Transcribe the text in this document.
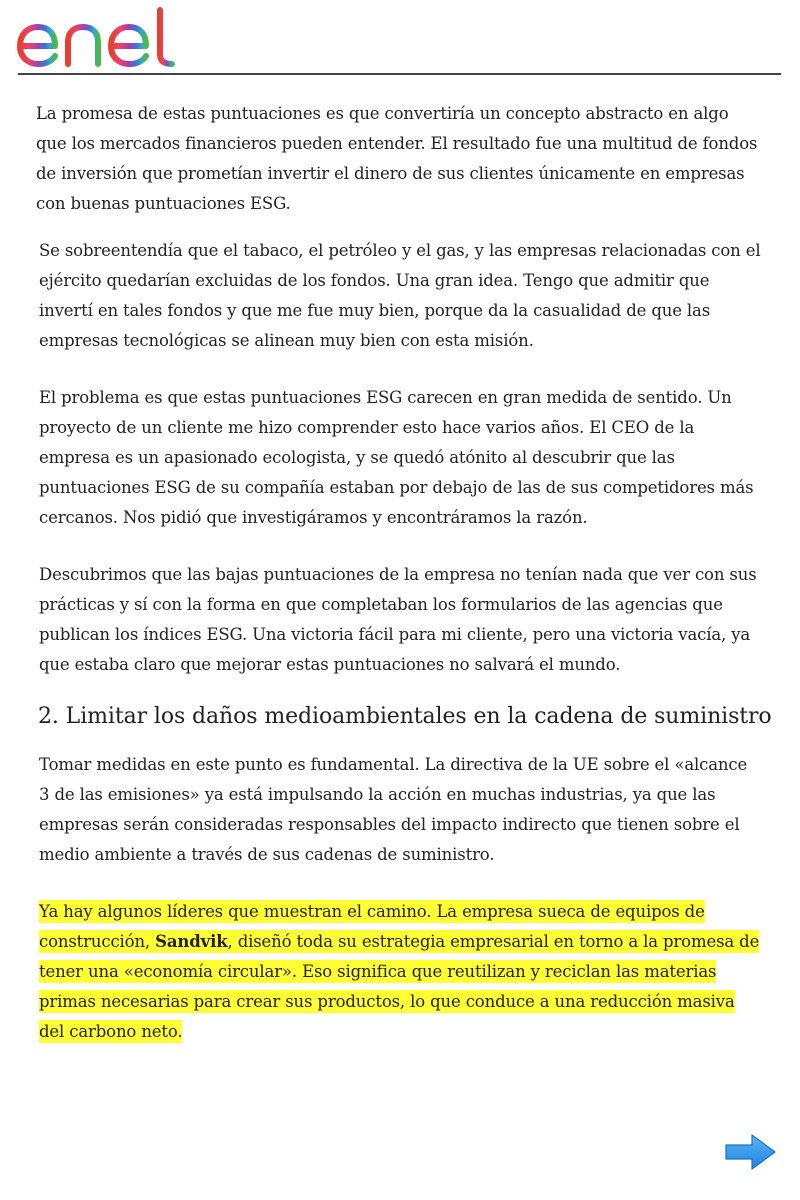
La promesa de estas puntuaciones es que convertiría un concepto abstracto en algo que los mercados financieros pueden entender. El resultado fue una multitud de fondos de inversión que prometían invertir el dinero de sus clientes únicamente en empresas con buenas puntuaciones ESG.

Se sobreentendía que el tabaco, el petróleo y el gas, y las empresas relacionadas con el ejército quedarían excluidas de los fondos. Una gran idea. Tengo que admitir que invertí en tales fondos y que me fue muy bien, porque da la casualidad de que las empresas tecnológicas se alinean muy bien con esta misión.

El problema es que estas puntuaciones ESG carecen en gran medida de sentido. Un proyecto de un cliente me hizo comprender esto hace varios años. El CEO de la empresa es un apasionado ecologista, y se quedó atónito al descubrir que las puntuaciones ESG de su compañía estaban por debajo de las de sus competidores más cercanos. Nos pidió que investigáramos y encontráramos la razón.

Descubrimos que las bajas puntuaciones de la empresa no tenían nada que ver con sus prácticas y sí con la forma en que completaban los formularios de las agencias que publican los índices ESG. Una victoria fácil para mi cliente, pero una victoria vacía, ya que estaba claro que mejorar estas puntuaciones no salvará el mundo.

2. Limitar los daños medioambientales en la cadena de suministro

Tomar medidas en este punto es fundamental. La directiva de la UE sobre el «alcance 3 de las emisiones» ya está impulsando la acción en muchas industrias, ya que las empresas serán consideradas responsables del impacto indirecto que tienen sobre el medio ambiente a través de sus cadenas de suministro.

Ya hay algunos líderes que muestran el camino. La empresa sueca de equipos de construcción, Sandvik, diseñó toda su estrategia empresarial en torno a la promesa de tener una «economía circular». Eso significa que reutilizan y reciclan las materias primas necesarias para crear sus productos, lo que conduce a una reducción masiva del carbono neto.
